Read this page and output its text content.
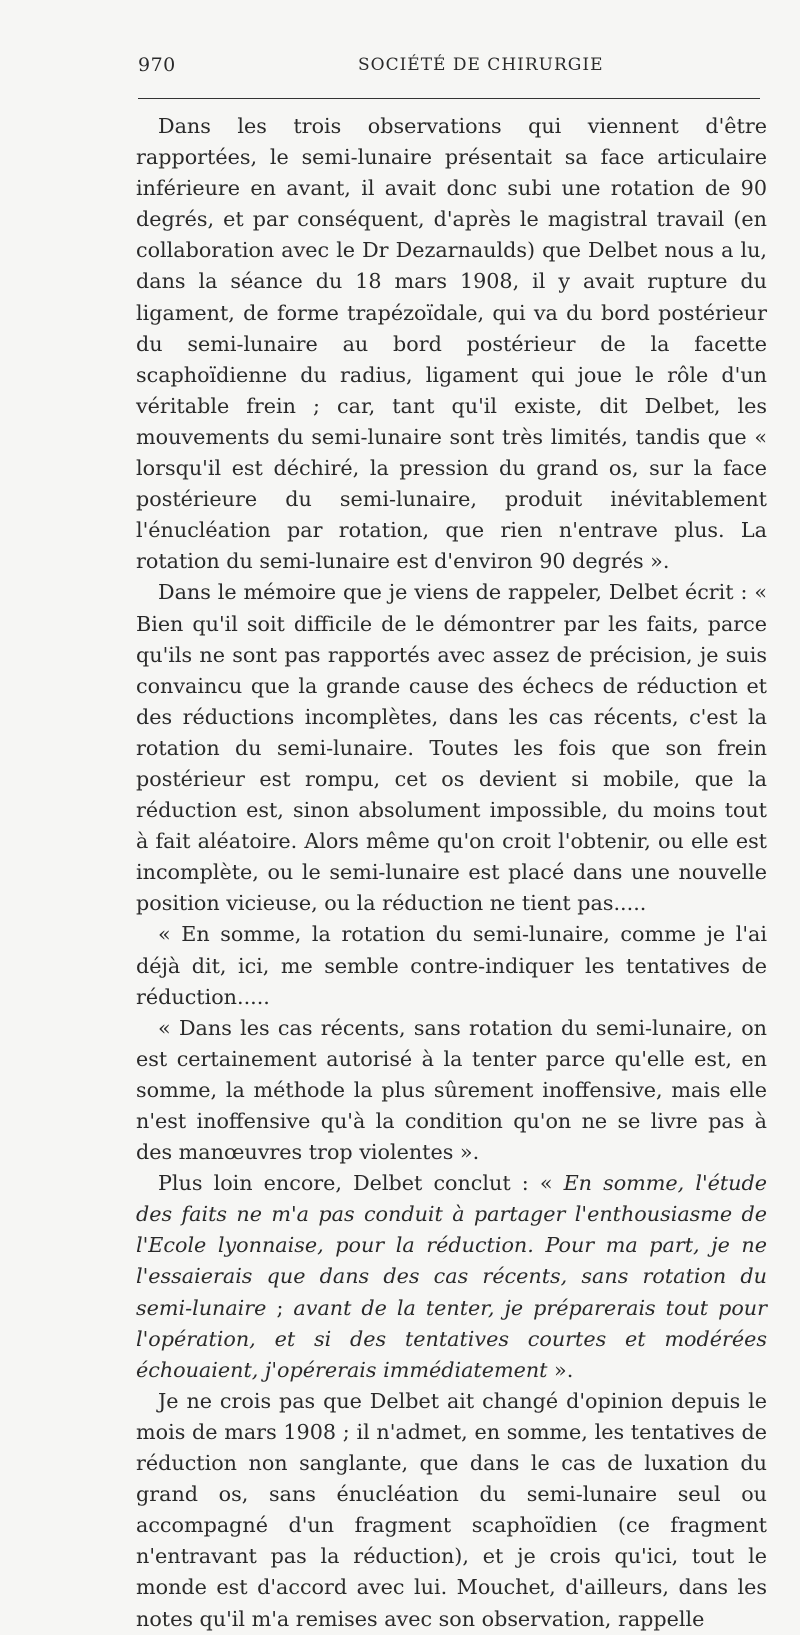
970	SOCIÉTÉ DE CHIRURGIE

Dans les trois observations qui viennent d'être rapportées, le semi-lunaire présentait sa face articulaire inférieure en avant, il avait donc subi une rotation de 90 degrés, et par conséquent, d'après le magistral travail (en collaboration avec le Dr Dezarnaulds) que Delbet nous a lu, dans la séance du 18 mars 1908, il y avait rupture du ligament, de forme trapézoïdale, qui va du bord postérieur du semi-lunaire au bord postérieur de la facette scaphoïdienne du radius, ligament qui joue le rôle d'un véritable frein ; car, tant qu'il existe, dit Delbet, les mouvements du semi-lunaire sont très limités, tandis que « lorsqu'il est déchiré, la pression du grand os, sur la face postérieure du semi-lunaire, produit inévitablement l'énucléation par rotation, que rien n'entrave plus. La rotation du semi-lunaire est d'environ 90 degrés ».

Dans le mémoire que je viens de rappeler, Delbet écrit : « Bien qu'il soit difficile de le démontrer par les faits, parce qu'ils ne sont pas rapportés avec assez de précision, je suis convaincu que la grande cause des échecs de réduction et des réductions incomplètes, dans les cas récents, c'est la rotation du semi-lunaire. Toutes les fois que son frein postérieur est rompu, cet os devient si mobile, que la réduction est, sinon absolument impossible, du moins tout à fait aléatoire. Alors même qu'on croit l'obtenir, ou elle est incomplète, ou le semi-lunaire est placé dans une nouvelle position vicieuse, ou la réduction ne tient pas.....

« En somme, la rotation du semi-lunaire, comme je l'ai déjà dit, ici, me semble contre-indiquer les tentatives de réduction.....

« Dans les cas récents, sans rotation du semi-lunaire, on est certainement autorisé à la tenter parce qu'elle est, en somme, la méthode la plus sûrement inoffensive, mais elle n'est inoffensive qu'à la condition qu'on ne se livre pas à des manœuvres trop violentes ».

Plus loin encore, Delbet conclut : « En somme, l'étude des faits ne m'a pas conduit à partager l'enthousiasme de l'Ecole lyonnaise, pour la réduction. Pour ma part, je ne l'essaierais que dans des cas récents, sans rotation du semi-lunaire ; avant de la tenter, je préparerais tout pour l'opération, et si des tentatives courtes et modérées échouaient, j'opérerais immédiatement ».

Je ne crois pas que Delbet ait changé d'opinion depuis le mois de mars 1908 ; il n'admet, en somme, les tentatives de réduction non sanglante, que dans le cas de luxation du grand os, sans énucléation du semi-lunaire seul ou accompagné d'un fragment scaphoïdien (ce fragment n'entravant pas la réduction), et je crois qu'ici, tout le monde est d'accord avec lui. Mouchet, d'ailleurs, dans les notes qu'il m'a remises avec son observation, rappelle
